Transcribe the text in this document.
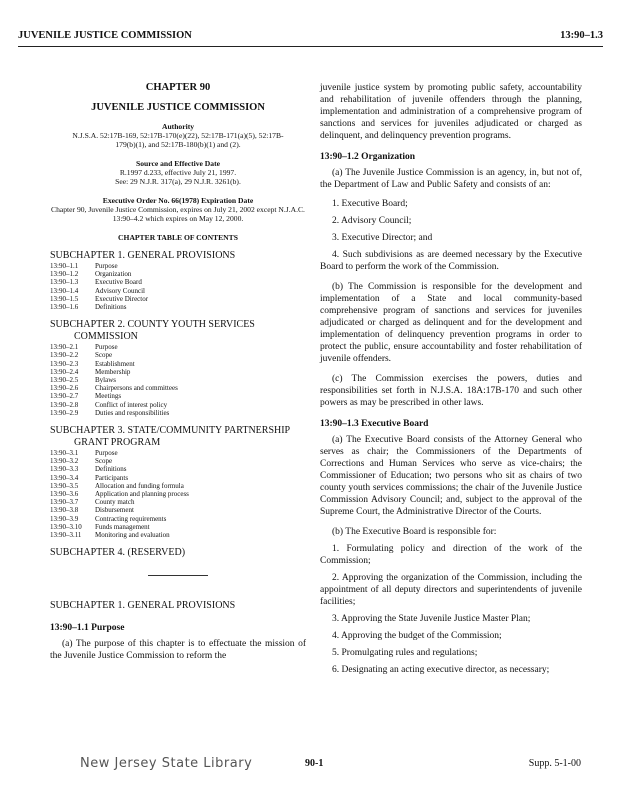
JUVENILE JUSTICE COMMISSION	13:90–1.3
CHAPTER 90
JUVENILE JUSTICE COMMISSION
Authority
N.J.S.A. 52:17B-169, 52:17B-170(e)(22), 52:17B-171(a)(5), 52:17B-179(b)(1), and 52:17B-180(b)(1) and (2).
Source and Effective Date
R.1997 d.233, effective July 21, 1997.
See: 29 N.J.R. 317(a), 29 N.J.R. 3261(b).
Executive Order No. 66(1978) Expiration Date
Chapter 90, Juvenile Justice Commission, expires on July 21, 2002 except N.J.A.C. 13:90–4.2 which expires on May 12, 2000.
CHAPTER TABLE OF CONTENTS
SUBCHAPTER 1. GENERAL PROVISIONS
13:90–1.1	Purpose
13:90–1.2	Organization
13:90–1.3	Executive Board
13:90–1.4	Advisory Council
13:90–1.5	Executive Director
13:90–1.6	Definitions
SUBCHAPTER 2. COUNTY YOUTH SERVICES
COMMISSION
13:90–2.1	Purpose
13:90–2.2	Scope
13:90–2.3	Establishment
13:90–2.4	Membership
13:90–2.5	Bylaws
13:90–2.6	Chairpersons and committees
13:90–2.7	Meetings
13:90–2.8	Conflict of interest policy
13:90–2.9	Duties and responsibilities
SUBCHAPTER 3. STATE/COMMUNITY PARTNERSHIP
GRANT PROGRAM
13:90–3.1	Purpose
13:90–3.2	Scope
13:90–3.3	Definitions
13:90–3.4	Participants
13:90–3.5	Allocation and funding formula
13:90–3.6	Application and planning process
13:90–3.7	County match
13:90–3.8	Disbursement
13:90–3.9	Contracting requirements
13:90–3.10	Funds management
13:90–3.11	Monitoring and evaluation
SUBCHAPTER 4. (RESERVED)
SUBCHAPTER 1. GENERAL PROVISIONS
13:90–1.1 Purpose

(a) The purpose of this chapter is to effectuate the mission of the Juvenile Justice Commission to reform the

juvenile justice system by promoting public safety, accountability and rehabilitation of juvenile offenders through the planning, implementation and administration of a comprehensive program of sanctions and services for juveniles adjudicated or charged as delinquent, and delinquency prevention programs.

13:90–1.2 Organization

(a) The Juvenile Justice Commission is an agency, in, but not of, the Department of Law and Public Safety and consists of an:

1. Executive Board;
2. Advisory Council;
3. Executive Director; and

4. Such subdivisions as are deemed necessary by the Executive Board to perform the work of the Commission.

(b) The Commission is responsible for the development and implementation of a State and local community-based comprehensive program of sanctions and services for juveniles adjudicated or charged as delinquent and for the development and implementation of delinquency prevention programs in order to protect the public, ensure accountability and foster rehabilitation of juvenile offenders.

(c) The Commission exercises the powers, duties and responsibilities set forth in N.J.S.A. 18A:17B-170 and such other powers as may be prescribed in other laws.

13:90–1.3 Executive Board

(a) The Executive Board consists of the Attorney General who serves as chair; the Commissioners of the Departments of Corrections and Human Services who serve as vice-chairs; the Commissioner of Education; two persons who sit as chairs of two county youth services commissions; the chair of the Juvenile Justice Commission Advisory Council; and, subject to the approval of the Supreme Court, the Administrative Director of the Courts.

(b) The Executive Board is responsible for:

1. Formulating policy and direction of the work of the Commission;

2. Approving the organization of the Commission, including the appointment of all deputy directors and superintendents of juvenile facilities;

3. Approving the State Juvenile Justice Master Plan;

4. Approving the budget of the Commission;

5. Promulgating rules and regulations;

6. Designating an acting executive director, as necessary;

New Jersey State Library	90-1	Supp. 5-1-00
